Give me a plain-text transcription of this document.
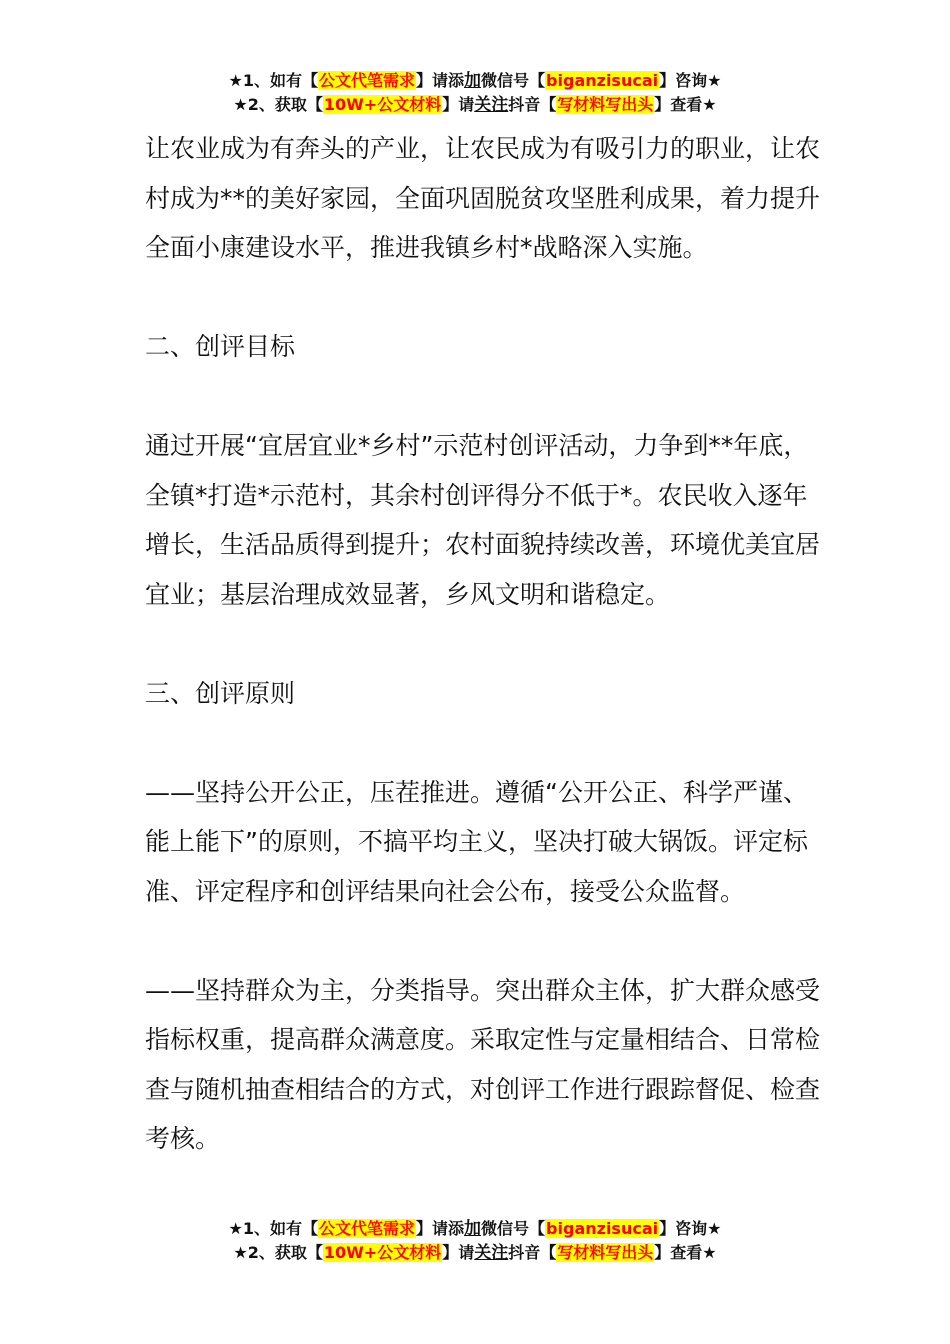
★1、如有【公文代笔需求】请添加微信号【biganzisucai】咨询★
★2、获取【10W+公文材料】请关注抖音【写材料写出头】查看★

让农业成为有奔头的产业，让农民成为有吸引力的职业，让农村成为**的美好家园，全面巩固脱贫攻坚胜利成果，着力提升全面小康建设水平，推进我镇乡村*战略深入实施。

二、创评目标

通过开展“宜居宜业*乡村”示范村创评活动，力争到**年底，全镇*打造*示范村，其余村创评得分不低于*。农民收入逐年增长，生活品质得到提升；农村面貌持续改善，环境优美宜居宜业；基层治理成效显著，乡风文明和谐稳定。

三、创评原则

——坚持公开公正，压茬推进。遵循“公开公正、科学严谨、能上能下”的原则，不搞平均主义，坚决打破大锅饭。评定标准、评定程序和创评结果向社会公布，接受公众监督。

——坚持群众为主，分类指导。突出群众主体，扩大群众感受指标权重，提高群众满意度。采取定性与定量相结合、日常检查与随机抽查相结合的方式，对创评工作进行跟踪督促、检查考核。

★1、如有【公文代笔需求】请添加微信号【biganzisucai】咨询★
★2、获取【10W+公文材料】请关注抖音【写材料写出头】查看★
